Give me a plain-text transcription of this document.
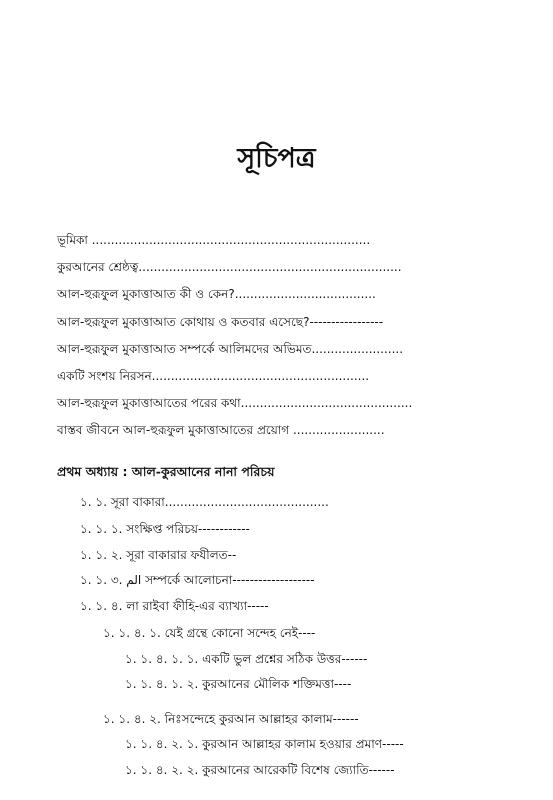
সূচিপত্র
ভূমিকা .........................................................................
কুরআনের শ্রেষ্ঠত্ব.....................................................................
আল-হুরূফুল মুকাত্তাআত কী ও কেন?.....................................
আল-হুরূফুল মুকাত্তাআত কোথায় ও কতবার এসেছে?-----------------
আল-হুরূফুল মুকাত্তাআত সম্পর্কে আলিমদের অভিমত........................
একটি সংশয় নিরসন.........................................................
আল-হুরূফুল মুকাত্তাআতের পরের কথা.............................................
বাস্তব জীবনে আল-হুরূফুল মুকাত্তাআতের প্রয়োগ ........................
প্রথম অধ্যায় : আল-কুরআনের নানা পরিচয়
১. ১. সূরা বাকারা...........................................
১. ১. ১. সংক্ষিপ্ত পরিচয়------------
১. ১. ২. সূরা বাকারার ফযীলত--
১. ১. ৩. الم সম্পর্কে আলোচনা-------------------
১. ১. ৪. লা রাইবা ফীহি-এর ব্যাখ্যা-----
১. ১. ৪. ১. যেই গ্রন্থে কোনো সন্দেহ নেই----
১. ১. ৪. ১. ১. একটি ভুল প্রশ্নের সঠিক উত্তর------
১. ১. ৪. ১. ২. কুরআনের মৌলিক শক্তিমত্তা----
১. ১. ৪. ২. নিঃসন্দেহে কুরআন আল্লাহর কালাম------
১. ১. ৪. ২. ১. কুরআন আল্লাহর কালাম হওয়ার প্রমাণ-----
১. ১. ৪. ২. ২. কুরআনের আরেকটি বিশেষ জ্যোতি------
